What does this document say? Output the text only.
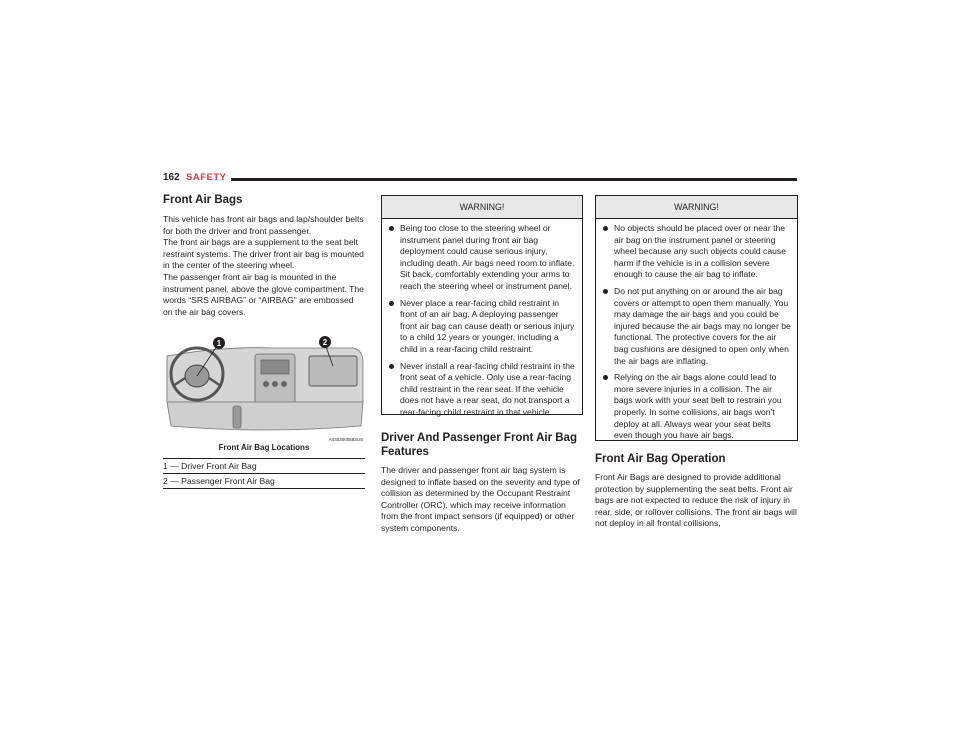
162 SAFETY
Front Air Bags

This vehicle has front air bags and lap/shoulder belts for both the driver and front passenger.

The front air bags are a supplement to the seat belt restraint systems. The driver front air bag is mounted in the center of the steering wheel.

The passenger front air bag is mounted in the instrument panel, above the glove compartment. The words “SRS AIRBAG” or “AIRBAG” are embossed on the air bag covers.

1	2
A0303000583US
Front Air Bag Locations
1 — Driver Front Air Bag
2 — Passenger Front Air Bag
WARNING!
Being too close to the steering wheel or instrument panel during front air bag deployment could cause serious injury, including death. Air bags need room to inflate. Sit back, comfortably extending your arms to reach the steering wheel or instrument panel.
Never place a rear-facing child restraint in front of an air bag. A deploying passenger front air bag can cause death or serious injury to a child 12 years or younger, including a child in a rear-facing child restraint.
Never install a rear-facing child restraint in the front seat of a vehicle. Only use a rear-facing child restraint in the rear seat. If the vehicle does not have a rear seat, do not transport a rear-facing child restraint in that vehicle.
Driver And Passenger Front Air Bag Features

The driver and passenger front air bag system is designed to inflate based on the severity and type of collision as determined by the Occupant Restraint Controller (ORC), which may receive information from the front impact sensors (if equipped) or other system components.

WARNING!
No objects should be placed over or near the air bag on the instrument panel or steering wheel because any such objects could cause harm if the vehicle is in a collision severe enough to cause the air bag to inflate.
Do not put anything on or around the air bag covers or attempt to open them manually. You may damage the air bags and you could be injured because the air bags may no longer be functional. The protective covers for the air bag cushions are designed to open only when the air bags are inflating.
Relying on the air bags alone could lead to more severe injuries in a collision. The air bags work with your seat belt to restrain you properly. In some collisions, air bags won’t deploy at all. Always wear your seat belts even though you have air bags.
Front Air Bag Operation

Front Air Bags are designed to provide additional protection by supplementing the seat belts. Front air bags are not expected to reduce the risk of injury in rear, side, or rollover collisions. The front air bags will not deploy in all frontal collisions,
